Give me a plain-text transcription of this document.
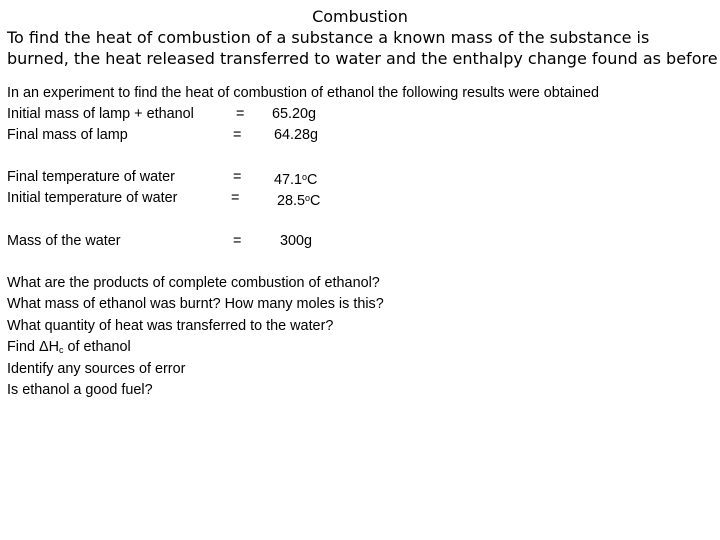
Combustion
To find the heat of combustion of a substance a known mass of the substance is
burned, the heat released transferred to water and the enthalpy change found as before
In an experiment to find the heat of combustion of ethanol the following results were obtained
Initial mass of lamp + ethanol	= 65.20g
Final mass of lamp	= 64.28g
Final temperature of water	= $47.1^oC$
Initial temperature of water	=	$28.5^oC$
Mass of the water	=	300g
What are the products of complete combustion of ethanol?
What mass of ethanol was burnt? How many moles is this?
What quantity of heat was transferred to the water?
Find $\Delta H_c$ of ethanol
Identify any sources of error
Is ethanol a good fuel?
